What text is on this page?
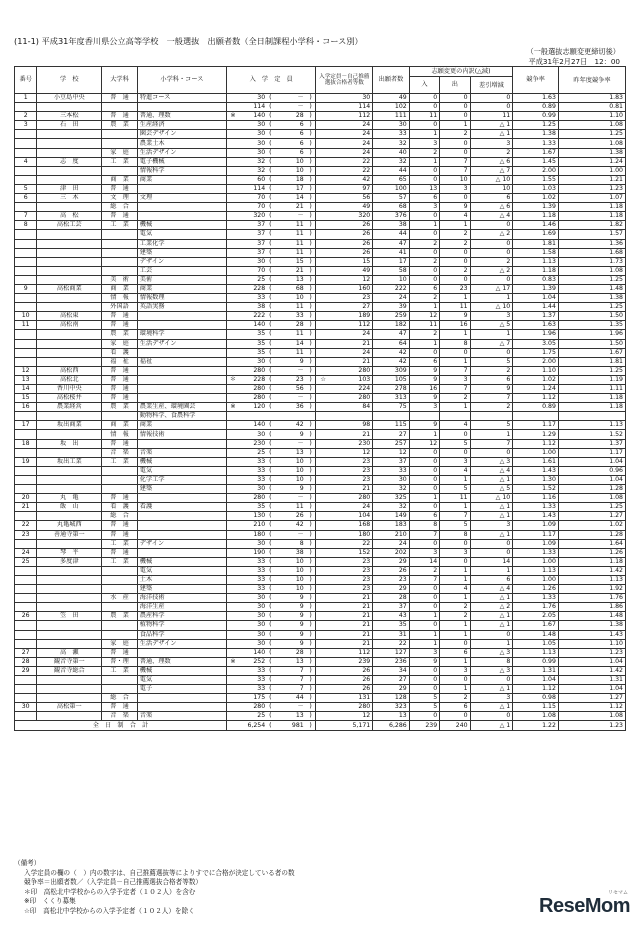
(11-1) 平成31年度香川県公立高等学校　一般選抜　出願者数（全日制課程小学科・コース別）
（一般選抜志願変更締切後）
平成31年2月27日　12：00
番号	学　校	大学科	小学科・コース	入　学　定　員				入学定員－自己推薦選抜合格者等数		出願者数	志願変更の内訳(△減)			競争率	昨年度競争率
											入	出	差引増減		
1	小豆島中央	普　通	特進コース		30	( －	)		30	49	0	0	0	1.63	1.83
					114	( －	)		114	102	0	0	0	0.89	0.81
2	三本松	普　通	普通、理数	※	140	( 28	)		112	111	11	0	11	0.99	1.10
3	石　田	農　業	生産経済		30	( 6	)		24	30	0	1	△ 1	1.25	1.08
			園芸デザイン		30	( 6	)		24	33	1	2	△ 1	1.38	1.25
			農業土木		30	( 6	)		24	32	3	0	3	1.33	1.08
		家　庭	生活デザイン		30	( 6	)		24	40	2	0	2	1.67	1.38
4	志　度	工　業	電子機械		32	( 10	)		22	32	1	7	△ 6	1.45	1.24
			情報科学		32	( 10	)		22	44	0	7	△ 7	2.00	1.00
		商　業	商業		60	( 18	)		42	65	0	10	△ 10	1.55	1.21
5	津　田	普　通			114	( 17	)		97	100	13	3	10	1.03	1.23
6	三　木	文　理	文理		70	( 14	)		56	57	6	0	6	1.02	1.07
		総　合			70	( 21	)		49	68	3	9	△ 6	1.39	1.18
7	高　松	普　通			320	( －	)		320	376	0	4	△ 4	1.18	1.18
8	高松工芸	工　業	機械		37	( 11	)		26	38	1	1	0	1.46	1.82
			電気		37	( 11	)		26	44	0	2	△ 2	1.69	1.57
			工業化学		37	( 11	)		26	47	2	2	0	1.81	1.36
			建築		37	( 11	)		26	41	0	0	0	1.58	1.68
			デザイン		30	( 15	)		15	17	2	0	2	1.13	1.73
			工芸		70	( 21	)		49	58	0	2	△ 2	1.18	1.08
		美　術	美術		25	( 13	)		12	10	0	0	0	0.83	1.25
9	高松商業	商　業	商業		228	( 68	)		160	222	6	23	△ 17	1.39	1.48
		情　報	情報数理		33	( 10	)		23	24	2	1	1	1.04	1.38
		外国語	英語実務		38	( 11	)		27	39	1	11	△ 10	1.44	1.25
10	高松東	普　通			222	( 33	)		189	259	12	9	3	1.37	1.50
11	高松南	普　通			140	( 28	)		112	182	11	16	△ 5	1.63	1.35
		農　業	環境科学		35	( 11	)		24	47	2	1	1	1.96	1.96
		家　庭	生活デザイン		35	( 14	)		21	64	1	8	△ 7	3.05	1.50
		看　護			35	( 11	)		24	42	0	0	0	1.75	1.67
		福　祉	福祉		30	( 9	)		21	42	6	1	5	2.00	1.81
12	高松西	普　通			280	( －	)		280	309	9	7	2	1.10	1.25
13	高松北	普　通		＊	228	( 23	)	☆	103	105	9	3	6	1.02	1.19
14	香川中央	普　通			280	( 56	)		224	278	16	7	9	1.24	1.11
15	高松桜井	普　通			280	( －	)		280	313	9	2	7	1.12	1.18
16	農業経営	農　業	農業生産、環境園芸	※	120	( 36	)		84	75	3	1	2	0.89	1.18
			動物科学、食農科学			

17	坂出商業	商　業	商業		140	( 42	)		98	115	9	4	5	1.17	1.13
		情　報	情報技術		30	( 9	)		21	27	1	0	1	1.29	1.52
18	坂　出	普　通			230	( －	)		230	257	12	5	7	1.12	1.37
		音　楽	音楽		25	( 13	)		12	12	0	0	0	1.00	1.17
19	坂出工業	工　業	機械		33	( 10	)		23	37	0	3	△ 3	1.61	1.04
			電気		33	( 10	)		23	33	0	4	△ 4	1.43	0.96
			化学工学		33	( 10	)		23	30	0	1	△ 1	1.30	1.04
			建築		30	( 9	)		21	32	0	5	△ 5	1.52	1.28
20	丸　亀	普　通			280	( －	)		280	325	1	11	△ 10	1.16	1.08
21	飯　山	看　護	看護		35	( 11	)		24	32	0	1	△ 1	1.33	1.25
		総　合			130	( 26	)		104	149	6	7	△ 1	1.43	1.27
22	丸亀城西	普　通			210	( 42	)		168	183	8	5	3	1.09	1.02
23	善通寺第一	普　通			180	( －	)		180	210	7	8	△ 1	1.17	1.28
		工　業	デザイン		30	( 8	)		22	24	0	0	0	1.09	1.64
24	琴　平	普　通			190	( 38	)		152	202	3	3	0	1.33	1.26
25	多度津	工　業	機械		33	( 10	)		23	29	14	0	14	1.00	1.18
			電気		33	( 10	)		23	26	2	1	1	1.13	1.42
			土木		33	( 10	)		23	23	7	1	6	1.00	1.13
			建築		33	( 10	)		23	29	0	4	△ 4	1.26	1.92
		水　産	海洋技術		30	( 9	)		21	28	0	1	△ 1	1.33	1.76
			海洋生産		30	( 9	)		21	37	0	2	△ 2	1.76	1.86
26	笠　田	農　業	農産科学		30	( 9	)		21	43	1	2	△ 1	2.05	1.48
			植物科学		30	( 9	)		21	35	0	1	△ 1	1.67	1.38
			食品科学		30	( 9	)		21	31	1	1	0	1.48	1.43
		家　庭	生活デザイン		30	( 9	)		21	22	1	0	1	1.05	1.10
27	高　瀬	普　通			140	( 28	)		112	127	3	6	△ 3	1.13	1.23
28	観音寺第一	普・理	普通、理数	※	252	( 13	)		239	236	9	1	8	0.99	1.04
29	観音寺総合	工　業	機械		33	( 7	)		26	34	0	3	△ 3	1.31	1.42
			電気		33	( 7	)		26	27	0	0	0	1.04	1.31
			電子		33	( 7	)		26	29	0	1	△ 1	1.12	1.04
		総　合			175	( 44	)		131	128	5	2	3	0.98	1.27
30	高松第一	普　通			280	( －	)		280	323	5	6	△ 1	1.15	1.12
		音　楽	音楽		25	( 13	)		12	13	0	0	0	1.08	1.08
全　日　制　合　計					6,254	( 981	)		5,171	6,286	239	240	△ 1	1.22	1.23
（備考）
入学定員の欄の（　）内の数字は、自己推薦選抜等によりすでに合格が決定している者の数
競争率＝出願者数／（入学定員－自己推薦選抜合格者等数）
＊印　高松北中学校からの入学予定者（１０２人）を含む
※印　くくり募集
☆印　高松北中学校からの入学予定者（１０２人）を除く
リセマム
ReseMom
